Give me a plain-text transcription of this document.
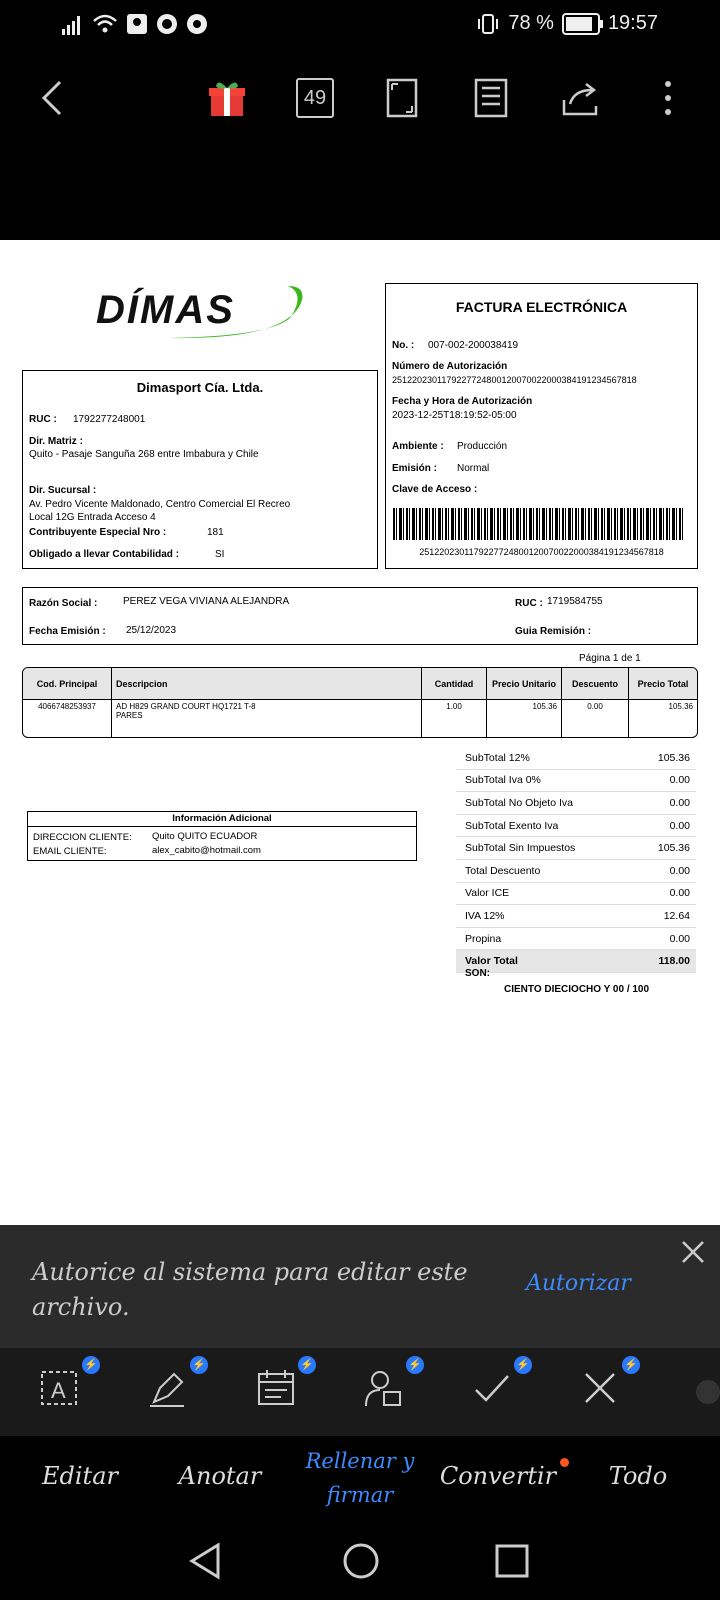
78 %	19:57
49
DÍMAS
Dimasport Cía. Ltda.
RUC : 1792277248001
Dir. Matriz :
Quito - Pasaje Sanguña 268 entre Imbabura y Chile
Dir. Sucursal :
Av. Pedro Vicente Maldonado, Centro Comercial El Recreo
Local 12G Entrada Acceso 4
Contribuyente Especial Nro :	181
Obligado a llevar Contabilidad :	SI
FACTURA ELECTRÓNICA
No. : 007-002-200038419
Número de Autorización
2512202301179227724800120070022000384191234567818
Fecha y Hora de Autorización
2023-12-25T18:19:52-05:00
Ambiente : Producción
Emisión : Normal
Clave de Acceso :
2512202301179227724800120070022000384191234567818
Razón Social :	PEREZ VEGA VIVIANA ALEJANDRA	RUC : 1719584755
Fecha Emisión : 25/12/2023	Guia Remisión :
Página 1 de 1
Cod. Principal	Descripcion	Cantidad	Precio Unitario	Descuento	Precio Total
4066748253937	AD H829 GRAND COURT HQ1721 T-8
PARES	1.00	105.36	0.00	105.36
SubTotal 12%	105.36
SubTotal Iva 0%	0.00
SubTotal No Objeto Iva	0.00
SubTotal Exento Iva	0.00
SubTotal Sin Impuestos	105.36
Total Descuento	0.00
Valor ICE	0.00
IVA 12%	12.64
Propina	0.00
Valor Total	118.00
SON:
CIENTO DIECIOCHO Y 00 / 100
Información Adicional
DIRECCION CLIENTE: Quito QUITO ECUADOR
EMAIL CLIENTE:	alex_cabito@hotmail.com
Autorice al sistema para editar este archivo.
Autorizar
A
⚡	⚡	⚡	⚡	⚡	⚡
Editar	Anotar
Rellenar y firmar
Convertir	Todo
